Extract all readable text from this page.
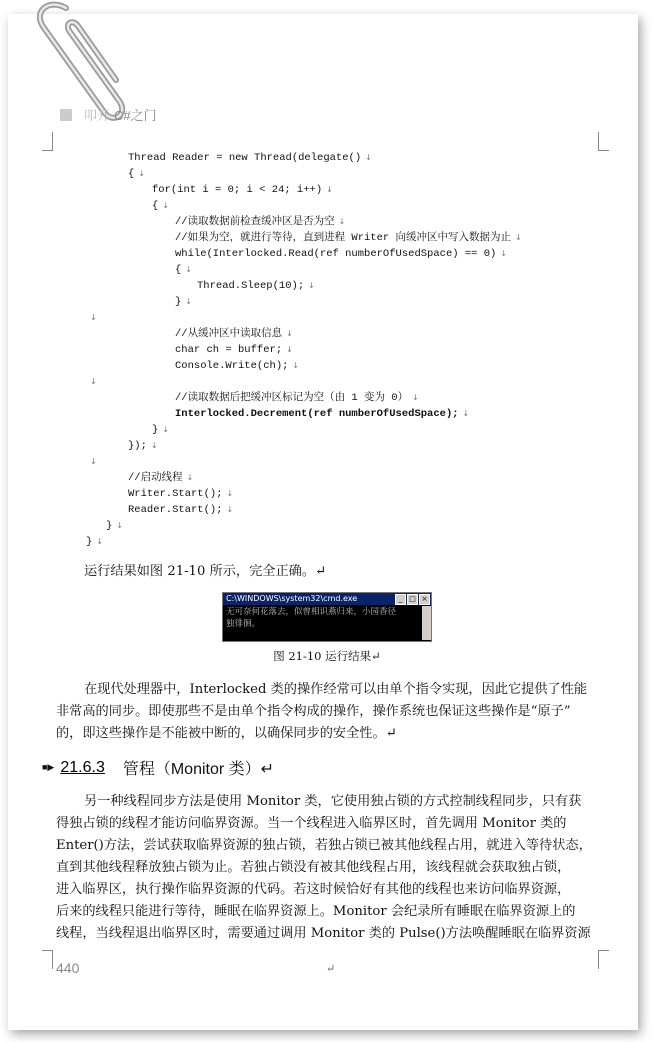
叩开 C#之门
Thread Reader = new Thread(delegate() ↓
{ ↓
for(int i = 0; i < 24; i++) ↓
{ ↓
//读取数据前检查缓冲区是否为空 ↓
//如果为空，就进行等待，直到进程 Writer 向缓冲区中写入数据为止 ↓
while(Interlocked.Read(ref numberOfUsedSpace) == 0) ↓
{ ↓
Thread.Sleep(10); ↓
} ↓
↓
//从缓冲区中读取信息 ↓
char ch = buffer; ↓
Console.Write(ch); ↓
↓
//读取数据后把缓冲区标记为空（由 1 变为 0） ↓
Interlocked.Decrement(ref numberOfUsedSpace); ↓
} ↓
}); ↓
↓
//启动线程 ↓
Writer.Start(); ↓
Reader.Start(); ↓
} ↓
} ↓
运行结果如图 21-10 所示，完全正确。↵
C:\WINDOWS\system32\cmd.exe	_ □ ×
无可奈何花落去，似曾相识燕归来，小园香径
独徘徊。
图 21-10 运行结果↵
在现代处理器中，Interlocked 类的操作经常可以由单个指令实现，因此它提供了性能
非常高的同步。即使那些不是由单个指令构成的操作，操作系统也保证这些操作是“原子”
的，即这些操作是不能被中断的，以确保同步的安全性。↵
■▶ 21.6.3 管程（Monitor 类）↵
另一种线程同步方法是使用 Monitor 类，它使用独占锁的方式控制线程同步，只有获
得独占锁的线程才能访问临界资源。当一个线程进入临界区时，首先调用 Monitor 类的
Enter()方法，尝试获取临界资源的独占锁，若独占锁已被其他线程占用，就进入等待状态，
直到其他线程释放独占锁为止。若独占锁没有被其他线程占用，该线程就会获取独占锁，
进入临界区，执行操作临界资源的代码。若这时候恰好有其他的线程也来访问临界资源，
后来的线程只能进行等待，睡眠在临界资源上。Monitor 会纪录所有睡眠在临界资源上的
线程，当线程退出临界区时，需要通过调用 Monitor 类的 Pulse()方法唤醒睡眠在临界资源
440	↵
